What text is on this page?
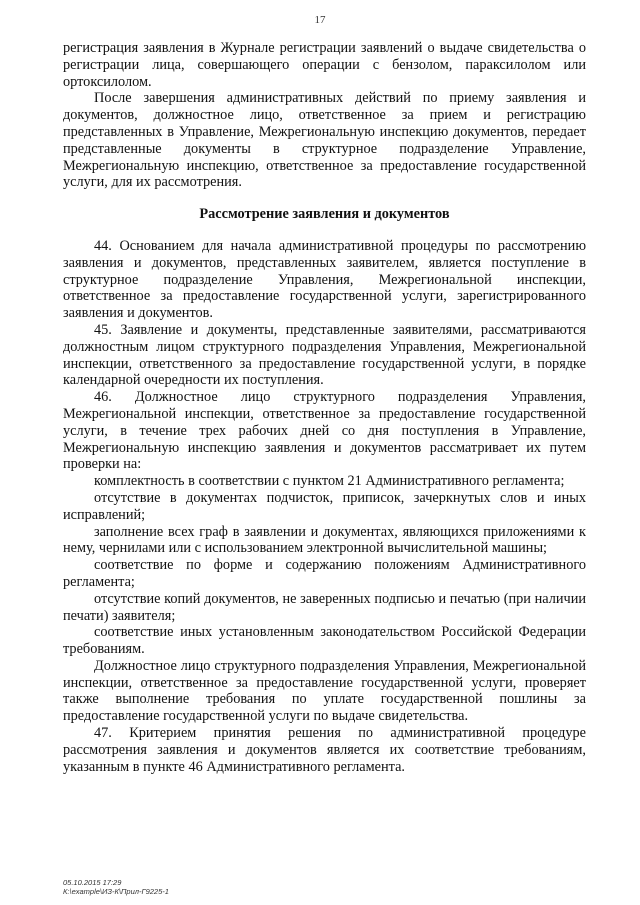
17

регистрация заявления в Журнале регистрации заявлений о выдаче свидетельства о регистрации лица, совершающего операции с бензолом, параксилолом или ортоксилолом.

После завершения административных действий по приему заявления и документов, должностное лицо, ответственное за прием и регистрацию представленных в Управление, Межрегиональную инспекцию документов, передает представленные документы в структурное подразделение Управление, Межрегиональную инспекцию, ответственное за предоставление государственной услуги, для их рассмотрения.

Рассмотрение заявления и документов

44. Основанием для начала административной процедуры по рассмотрению заявления и документов, представленных заявителем, является поступление в структурное подразделение Управления, Межрегиональной инспекции, ответственное за предоставление государственной услуги, зарегистрированного заявления и документов.

45. Заявление и документы, представленные заявителями, рассматриваются должностным лицом структурного подразделения Управления, Межрегиональной инспекции, ответственного за предоставление государственной услуги, в порядке календарной очередности их поступления.

46. Должностное лицо структурного подразделения Управления, Межрегиональной инспекции, ответственное за предоставление государственной услуги, в течение трех рабочих дней со дня поступления в Управление, Межрегиональную инспекцию заявления и документов рассматривает их путем проверки на:

комплектность в соответствии с пунктом 21 Административного регламента;

отсутствие в документах подчисток, приписок, зачеркнутых слов и иных исправлений;

заполнение всех граф в заявлении и документах, являющихся приложениями к нему, чернилами или с использованием электронной вычислительной машины;

соответствие по форме и содержанию положениям Административного регламента;

отсутствие копий документов, не заверенных подписью и печатью (при наличии печати) заявителя;

соответствие иных установленным законодательством Российской Федерации требованиям.

Должностное лицо структурного подразделения Управления, Межрегиональной инспекции, ответственное за предоставление государственной услуги, проверяет также выполнение требования по уплате государственной пошлины за предоставление государственной услуги по выдаче свидетельства.

47. Критерием принятия решения по административной процедуре рассмотрения заявления и документов является их соответствие требованиям, указанным в пункте 46 Административного регламента.

05.10.2015 17:29
К:\example\ИЗ-К\Прил-Г9225-1
